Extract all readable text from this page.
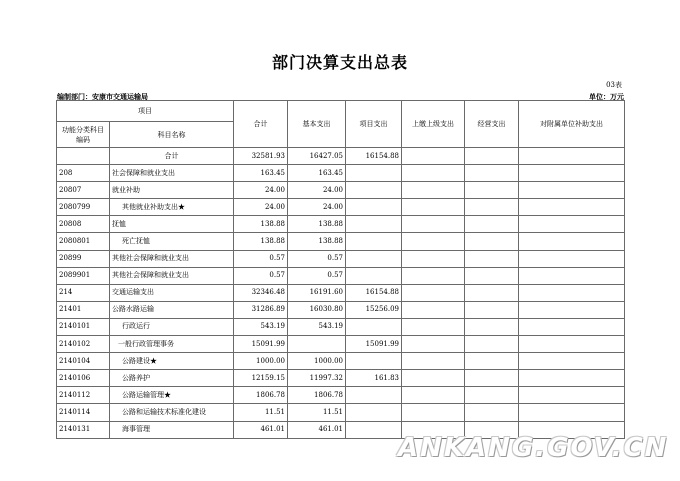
部门决算支出总表
03表
编制部门：安康市交通运输局	单位：万元
项目		合计	基本支出	项目支出	上缴上级支出	经营支出	对附属单位补助支出
功能分类科目编码	科目名称						
	合计	32581.93	16427.05	16154.88			
208	社会保障和就业支出	163.45	163.45				
20807	就业补助	24.00	24.00				
2080799	其他就业补助支出★	24.00	24.00				
20808	抚恤	138.88	138.88				
2080801	死亡抚恤	138.88	138.88				
20899	其他社会保障和就业支出	0.57	0.57				
2089901	其他社会保障和就业支出	0.57	0.57				
214	交通运输支出	32346.48	16191.60	16154.88			
21401	公路水路运输	31286.89	16030.80	15256.09			
2140101	行政运行	543.19	543.19				
2140102	一般行政管理事务	15091.99		15091.99			
2140104	公路建设★	1000.00	1000.00				
2140106	公路养护	12159.15	11997.32	161.83			
2140112	公路运输管理★	1806.78	1806.78				
2140114	公路和运输技术标准化建设	11.51	11.51				
2140131	海事管理	461.01	461.01				
ANKANG.GOV.CN
